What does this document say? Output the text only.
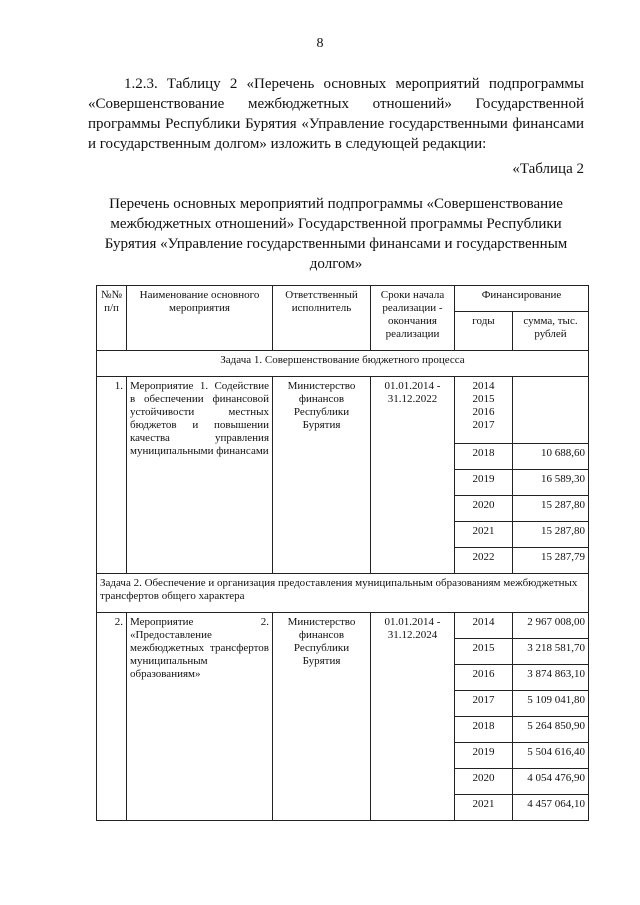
8
1.2.3. Таблицу 2 «Перечень основных мероприятий подпрограммы «Совершенствование межбюджетных отношений» Государственной программы Республики Бурятия «Управление государственными финансами и государственным долгом» изложить в следующей редакции:
«Таблица 2
Перечень основных мероприятий подпрограммы «Совершенствование межбюджетных отношений» Государственной программы Республики Бурятия «Управление государственными финансами и государственным долгом»
№№ п/п	Наименование основного мероприятия	Ответственный исполнитель	Сроки начала реализации - окончания реализации	Финансирование	
				годы	сумма, тыс. рублей
Задача 1. Совершенствование бюджетного процесса					
1.	Мероприятие 1. Содействие в обеспечении финансовой устойчивости местных бюджетов и повышении качества управления муниципальными финансами	Министерство финансов Республики Бурятия	01.01.2014 - 31.12.2022	2014 2015 2016 2017	
				2018	10 688,60
				2019	16 589,30
				2020	15 287,80
				2021	15 287,80
				2022	15 287,79
Задача 2. Обеспечение и организация предоставления муниципальным образованиям межбюджетных трансфертов общего характера					
2.	Мероприятие 2. «Предоставление межбюджетных трансфертов муниципальным образованиям»	Министерство финансов Республики Бурятия	01.01.2014 - 31.12.2024	2014	2 967 008,00
				2015	3 218 581,70
				2016	3 874 863,10
				2017	5 109 041,80
				2018	5 264 850,90
				2019	5 504 616,40
				2020	4 054 476,90
				2021	4 457 064,10
